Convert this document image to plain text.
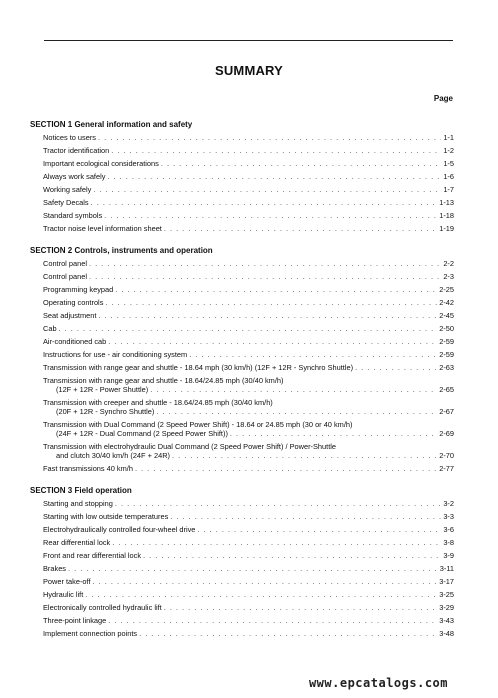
SUMMARY
Page
SECTION 1 General information and safety
Notices to users . . .	1-1
Tractor identification . . .	1-2
Important ecological considerations . . .	1-5
Always work safely . . .	1-6
Working safely . . .	1-7
Safety Decals . . .	1-13
Standard symbols . . .	1-18
Tractor noise level information sheet . . .	1-19
SECTION 2 Controls, instruments and operation
Control panel . . .	2-2
Control panel . . .	2-3
Programming keypad . . .	2-25
Operating controls . . .	2-42
Seat adjustment . . .	2-45
Cab . . .	2-50
Air-conditioned cab . . .	2-59
Instructions for use - air conditioning system . . .	2-59
Transmission with range gear and shuttle - 18.64 mph (30 km/h) (12F + 12R - Synchro Shuttle) . . .	2-63
Transmission with range gear and shuttle - 18.64/24.85 mph (30/40 km/h)
(12F + 12R - Power Shuttle) . . .	2-65
Transmission with creeper and shuttle - 18.64/24.85 mph (30/40 km/h)
(20F + 12R - Synchro Shuttle) . . .	2-67
Transmission with Dual Command (2 Speed Power Shift) - 18.64 or 24.85 mph (30 or 40 km/h)
(24F + 12R - Dual Command (2 Speed Power Shift)) . . .	2-69
Transmission with electrohydraulic Dual Command (2 Speed Power Shift) / Power-Shuttle
and clutch 30/40 km/h (24F + 24R) . . .	2-70
Fast transmissions 40 km/h . . .	2-77
SECTION 3 Field operation
Starting and stopping . . .	3-2
Starting with low outside temperatures . . .	3-3
Electrohydraulically controlled four-wheel drive . . .	3-6
Rear differential lock . . .	3-8
Front and rear differential lock . . .	3-9
Brakes . . .	3-11
Power take-off . . .	3-17
Hydraulic lift . . .	3-25
Electronically controlled hydraulic lift . . .	3-29
Three-point linkage . . .	3-43
Implement connection points . . .	3-48
www.epcatalogs.com
